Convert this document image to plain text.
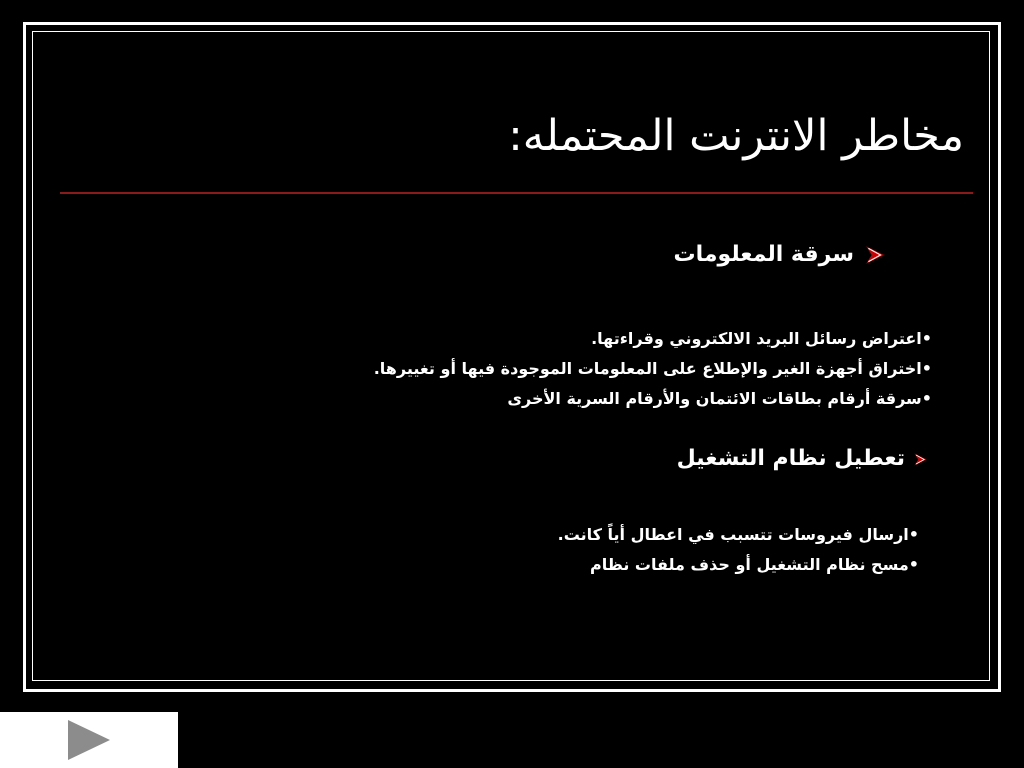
مخاطر الانترنت المحتمله:
سرقة المعلومات
•اعتراض رسائل البريد الالكتروني وقراءتها.
•اختراق أجهزة الغير والإطلاع على المعلومات الموجودة فيها أو تغييرها.
•سرقة أرقام بطاقات الائتمان والأرقام السرية الأخرى
تعطيل نظام التشغيل
•ارسال فيروسات تتسبب في اعطال أياً كانت.
•مسح نظام التشغيل أو حذف ملفات نظام
